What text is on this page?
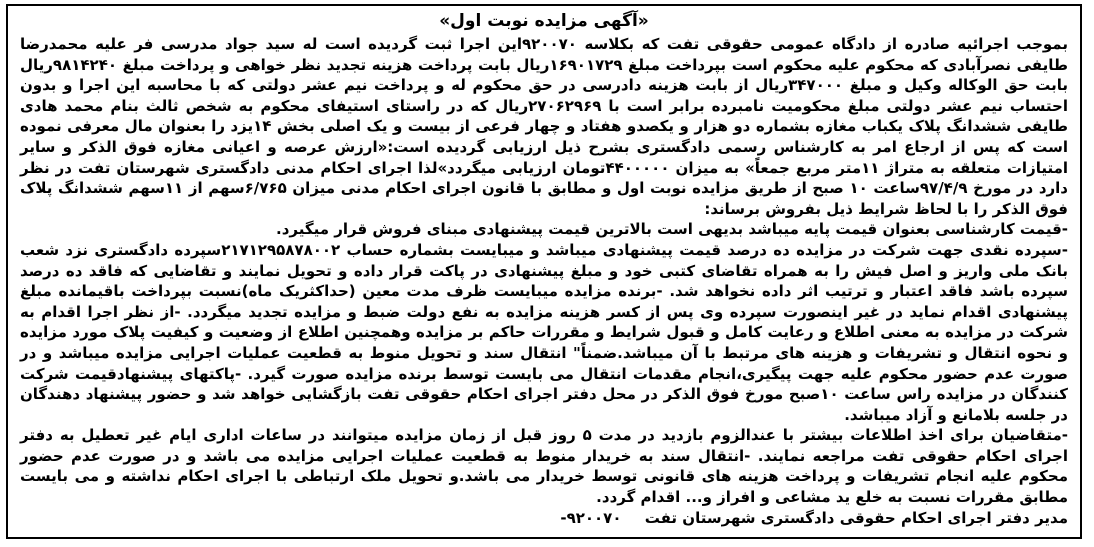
«آگهی مزایده نوبت اول»

بموجب اجرائیه صادره از دادگاه عمومی حقوقی تفت که بکلاسه ۹۲۰۰۷۰این اجرا ثبت گردیده است له سید جواد مدرسی فر علیه محمدرضا طایفی نصرآبادی که محکوم علیه محکوم است بپرداخت مبلغ ۱۶۹۰۱۷۲۹ریال بابت پرداخت هزینه تجدید نظر خواهی و پرداخت مبلغ ۹۸۱۴۲۴۰ریال بابت حق الوکاله وکیل و مبلغ ۳۴۷۰۰۰ریال از بابت هزینه دادرسی در حق محکوم له و پرداخت نیم عشر دولتی که با محاسبه این اجرا و بدون احتساب نیم عشر دولتی مبلغ محکومیت نامبرده برابر است با ۲۷۰۶۲۹۶۹ریال که در راستای استیفای محکوم به شخص ثالث بنام محمد هادی طایفی ششدانگ پلاک یکباب مغازه بشماره دو هزار و یکصدو هفتاد و چهار فرعی از بیست و یک اصلی بخش ۱۴یزد را بعنوان مال معرفی نموده است که پس از ارجاع امر به کارشناس رسمی دادگستری بشرح ذیل ارزیابی گردیده است:«ارزش عرصه و اعیانی مغازه فوق الذکر و سایر امتیازات متعلقه به متراژ ۱۱متر مربع جمعاً» به میزان ۴۴۰۰۰۰۰تومان ارزیابی میگردد»لذا اجرای احکام مدنی دادگستری شهرستان تفت در نظر دارد در مورخ ۹۷/۴/۹ساعت ۱۰ صبح از طریق مزایده نوبت اول و مطابق با قانون اجرای احکام مدنی میزان ۶/۷۶۵سهم از ۱۱سهم ششدانگ پلاک فوق الذکر را با لحاظ شرایط ذیل بفروش برساند:

-قیمت کارشناسی بعنوان قیمت پایه میباشد بدیهی است بالاترین قیمت پیشنهادی مبنای فروش قرار میگیرد.

-سپرده نقدی جهت شرکت در مزایده ده درصد قیمت پیشنهادی میباشد و میبایست بشماره حساب ۲۱۷۱۲۹۵۸۷۸۰۰۲سپرده دادگستری نزد شعب بانک ملی واریز و اصل فیش را به همراه تقاضای کتبی خود و مبلغ پیشنهادی در پاکت قرار داده و تحویل نمایند و تقاضایی که فاقد ده درصد سپرده باشد فاقد اعتبار و ترتیب اثر داده نخواهد شد. -برنده مزایده میبایست ظرف مدت معین (حداکثریک ماه)نسبت بپرداخت باقیمانده مبلغ پیشنهادی اقدام نماید در غیر اینصورت سپرده وی پس از کسر هزینه مزایده به نفع دولت ضبط و مزایده تجدید میگردد. -از نظر اجرا اقدام به شرکت در مزایده به معنی اطلاع و رعایت کامل و قبول شرایط و مقررات حاکم بر مزایده وهمچنین اطلاع از وضعیت و کیفیت پلاک مورد مزایده و نحوه انتقال و تشریفات و هزینه های مرتبط با آن میباشد.ضمناً" انتقال سند و تحویل منوط به قطعیت عملیات اجرایی مزایده میباشد و در صورت عدم حضور محکوم علیه جهت پیگیری،انجام مقدمات انتقال می بایست توسط برنده مزایده صورت گیرد. -پاکتهای پیشنهادقیمت شرکت کنندگان در مزایده راس ساعت ۱۰صبح مورخ فوق الذکر در محل دفتر اجرای احکام حقوقی تفت بازگشایی خواهد شد و حضور پیشنهاد دهندگان در جلسه بلامانع و آزاد میباشد.

-متقاضیان برای اخذ اطلاعات بیشتر با عندالزوم بازدید در مدت ۵ روز قبل از زمان مزایده میتوانند در ساعات اداری ایام غیر تعطیل به دفتر اجرای احکام حقوقی تفت مراجعه نمایند. -انتقال سند به خریدار منوط به قطعیت عملیات اجرایی مزایده می باشد و در صورت عدم حضور محکوم علیه انجام تشریفات و پرداخت هزینه های قانونی توسط خریدار می باشد.و تحویل ملک ارتباطی با اجرای احکام نداشته و می بایست مطابق مقررات نسبت به خلع ید مشاعی و افراز و... اقدام گردد.

مدیر دفتر اجرای احکام حقوقی دادگستری شهرستان تفت ۹۲۰۰۷۰-
